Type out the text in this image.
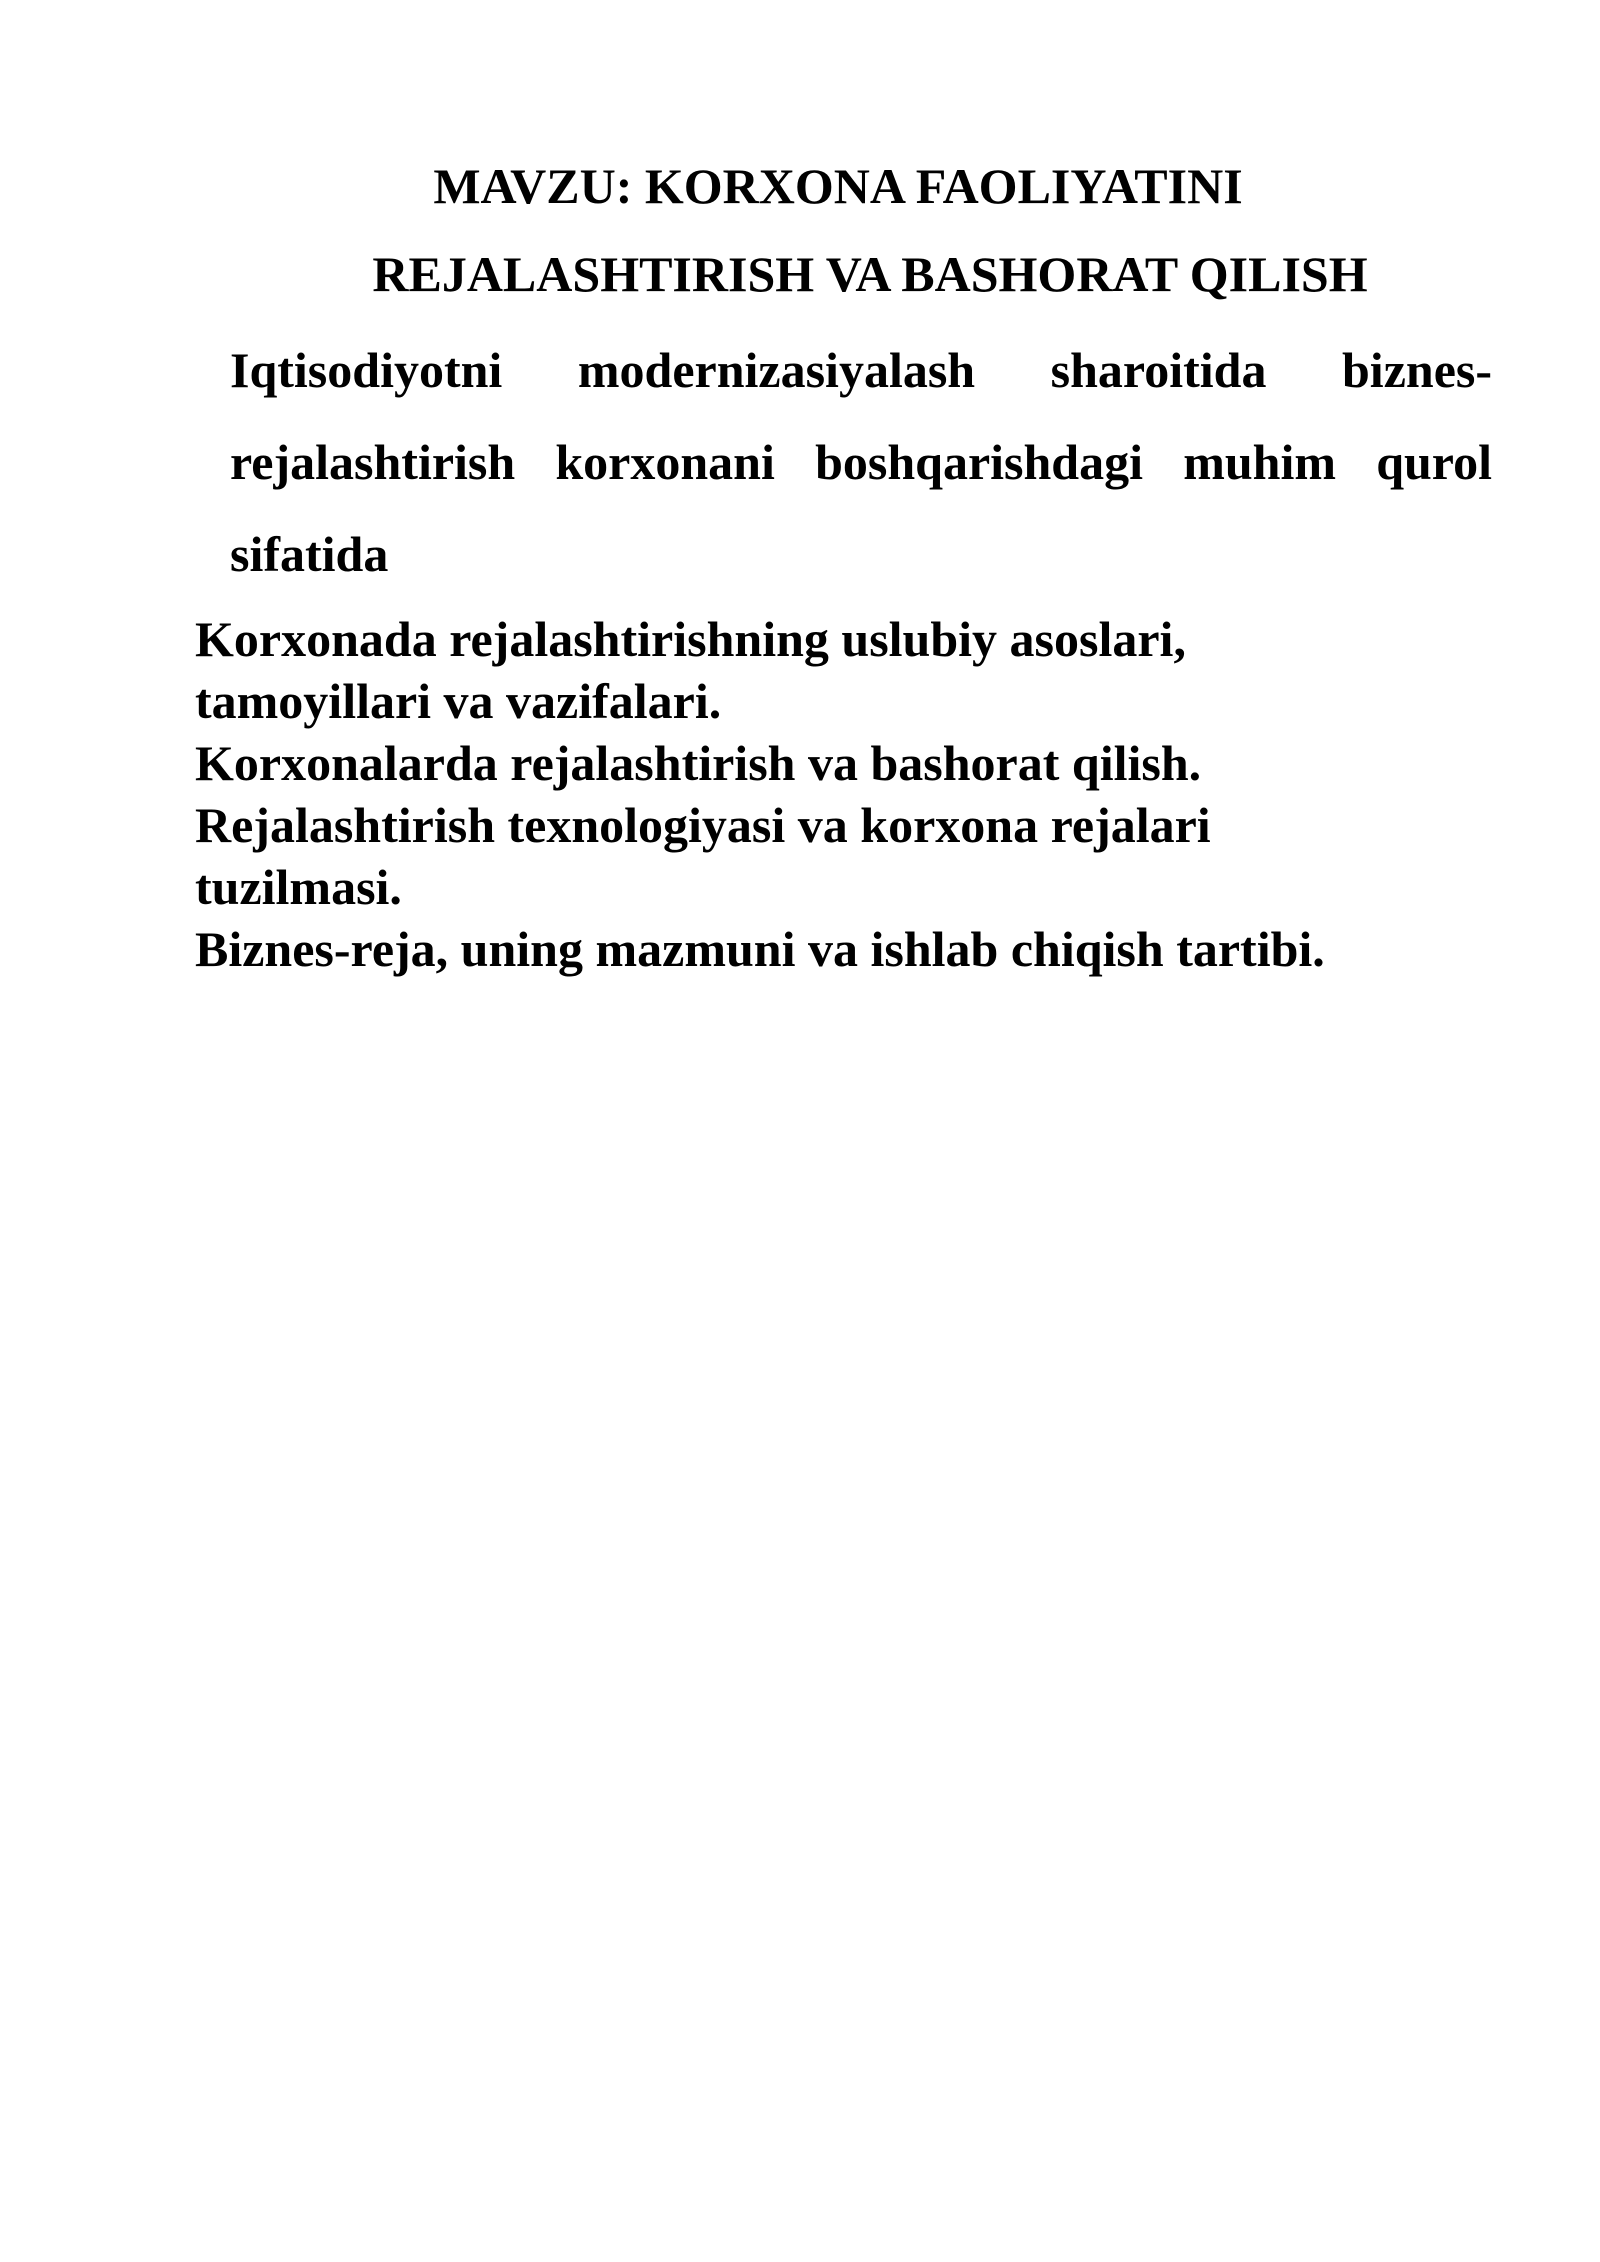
MAVZU: KORXONA FAOLIYATINI
REJALASHTIRISH VA BASHORAT QILISH
Iqtisodiyotni modernizasiyalash sharoitida biznes-
rejalashtirish korxonani boshqarishdagi muhim qurol
sifatida
Korxonada rejalashtirishning uslubiy asoslari,
tamoyillari va vazifalari.
Korxonalarda rejalashtirish va bashorat qilish.
Rejalashtirish texnologiyasi va korxona rejalari
tuzilmasi.
Biznes-reja, uning mazmuni va ishlab chiqish tartibi.
